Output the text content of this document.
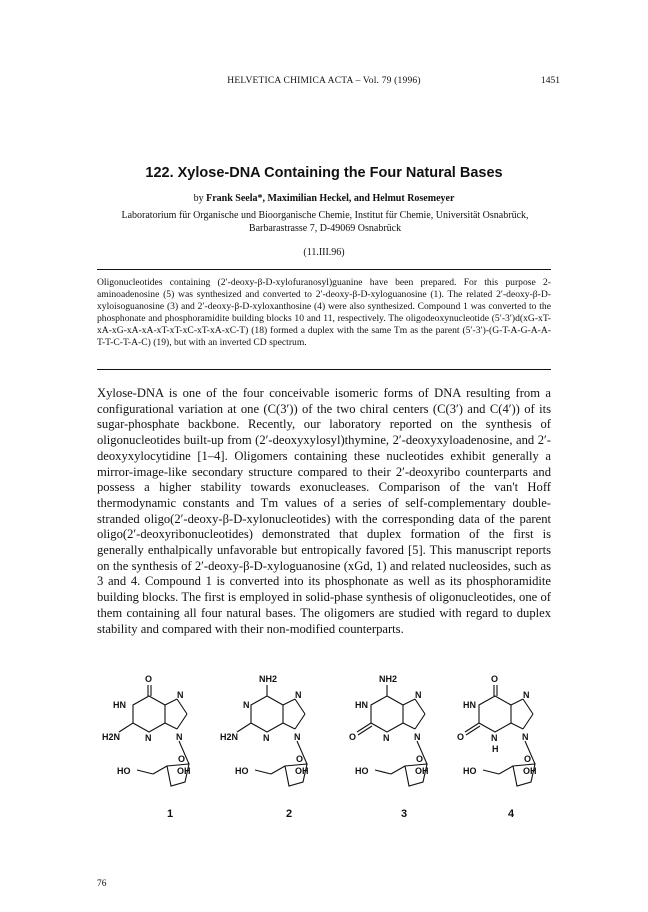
HELVETICA CHIMICA ACTA – Vol. 79 (1996)	1451
122. Xylose-DNA Containing the Four Natural Bases
by Frank Seela*, Maximilian Heckel, and Helmut Rosemeyer
Laboratorium für Organische und Bioorganische Chemie, Institut für Chemie, Universität Osnabrück, Barbarastrasse 7, D-49069 Osnabrück
(11.III.96)
Oligonucleotides containing (2′-deoxy-β-D-xylofuranosyl)guanine have been prepared. For this purpose 2-aminoadenosine (5) was synthesized and converted to 2′-deoxy-β-D-xyloguanosine (1). The related 2′-deoxy-β-D-xyloisoguanosine (3) and 2′-deoxy-β-D-xyloxanthosine (4) were also synthesized. Compound 1 was converted to the phosphonate and phosphoramidite building blocks 10 and 11, respectively. The oligodeoxynucleotide (5′-3′)d(xG-xT-xA-xG-xA-xA-xT-xT-xC-xT-xA-xC-T) (18) formed a duplex with the same Tm as the parent (5′-3′)-(G-T-A-G-A-A-T-T-C-T-A-C) (19), but with an inverted CD spectrum.
Xylose-DNA is one of the four conceivable isomeric forms of DNA resulting from a configurational variation at one (C(3′)) of the two chiral centers (C(3′) and C(4′)) of its sugar-phosphate backbone. Recently, our laboratory reported on the synthesis of oligonucleotides built-up from (2′-deoxyxylosyl)thymine, 2′-deoxyxyloadenosine, and 2′-deoxyxylocytidine [1–4]. Oligomers containing these nucleotides exhibit generally a mirror-image-like secondary structure compared to their 2′-deoxyribo counterparts and possess a higher stability towards exonucleases. Comparison of the van't Hoff thermodynamic constants and Tm values of a series of self-complementary double-stranded oligo(2′-deoxy-β-D-xylonucleotides) with the corresponding data of the parent oligo(2′-deoxyribonucleotides) demonstrated that duplex formation of the first is generally enthalpically unfavorable but entropically favored [5]. This manuscript reports on the synthesis of 2′-deoxy-β-D-xyloguanosine (xGd, 1) and related nucleosides, such as 3 and 4. Compound 1 is converted into its phosphonate as well as its phosphoramidite building blocks. The first is employed in solid-phase synthesis of oligonucleotides, one of them containing all four natural bases. The oligomers are studied with regard to duplex stability and compared with their non-modified counterparts.
O
HN
N
N	N
H2N
O
OH
HO
NH2
N
N
N	N
H2N
O
OH
HO
NH2
HN
N
N	N
O
O
OH
HO
O
HN
N
N
H
N
O
O
OH
HO
1	2	3	4
76
